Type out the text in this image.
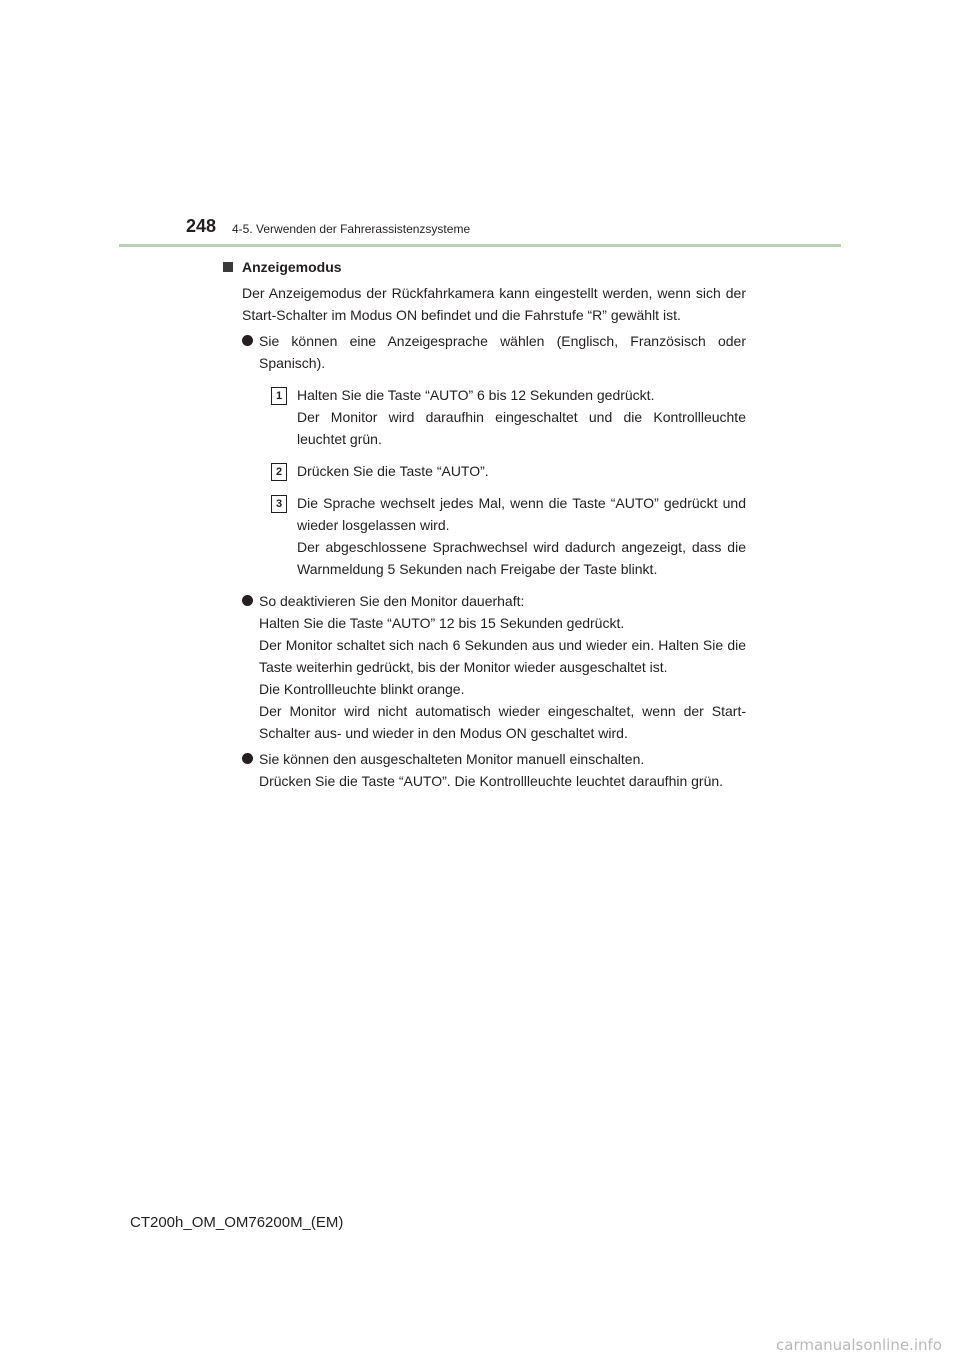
248 4-5. Verwenden der Fahrerassistenzsysteme
Anzeigemodus

Der Anzeigemodus der Rückfahrkamera kann eingestellt werden, wenn sich der Start-Schalter im Modus ON befindet und die Fahrstufe “R” gewählt ist.

Sie können eine Anzeigesprache wählen (Englisch, Französisch oder Spanisch).

1	Halten Sie die Taste “AUTO” 6 bis 12 Sekunden gedrückt.

Der Monitor wird daraufhin eingeschaltet und die Kontrollleuchte leuchtet grün.

2	Drücken Sie die Taste “AUTO”.

3	Die Sprache wechselt jedes Mal, wenn die Taste “AUTO” gedrückt und wieder losgelassen wird.

Der abgeschlossene Sprachwechsel wird dadurch angezeigt, dass die Warnmeldung 5 Sekunden nach Freigabe der Taste blinkt.

So deaktivieren Sie den Monitor dauerhaft:

Halten Sie die Taste “AUTO” 12 bis 15 Sekunden gedrückt.

Der Monitor schaltet sich nach 6 Sekunden aus und wieder ein. Halten Sie die Taste weiterhin gedrückt, bis der Monitor wieder ausgeschaltet ist.

Die Kontrollleuchte blinkt orange.

Der Monitor wird nicht automatisch wieder eingeschaltet, wenn der Start-Schalter aus- und wieder in den Modus ON geschaltet wird.

Sie können den ausgeschalteten Monitor manuell einschalten.

Drücken Sie die Taste “AUTO”. Die Kontrollleuchte leuchtet daraufhin grün.

CT200h_OM_OM76200M_(EM)
carmanualsonline.info
